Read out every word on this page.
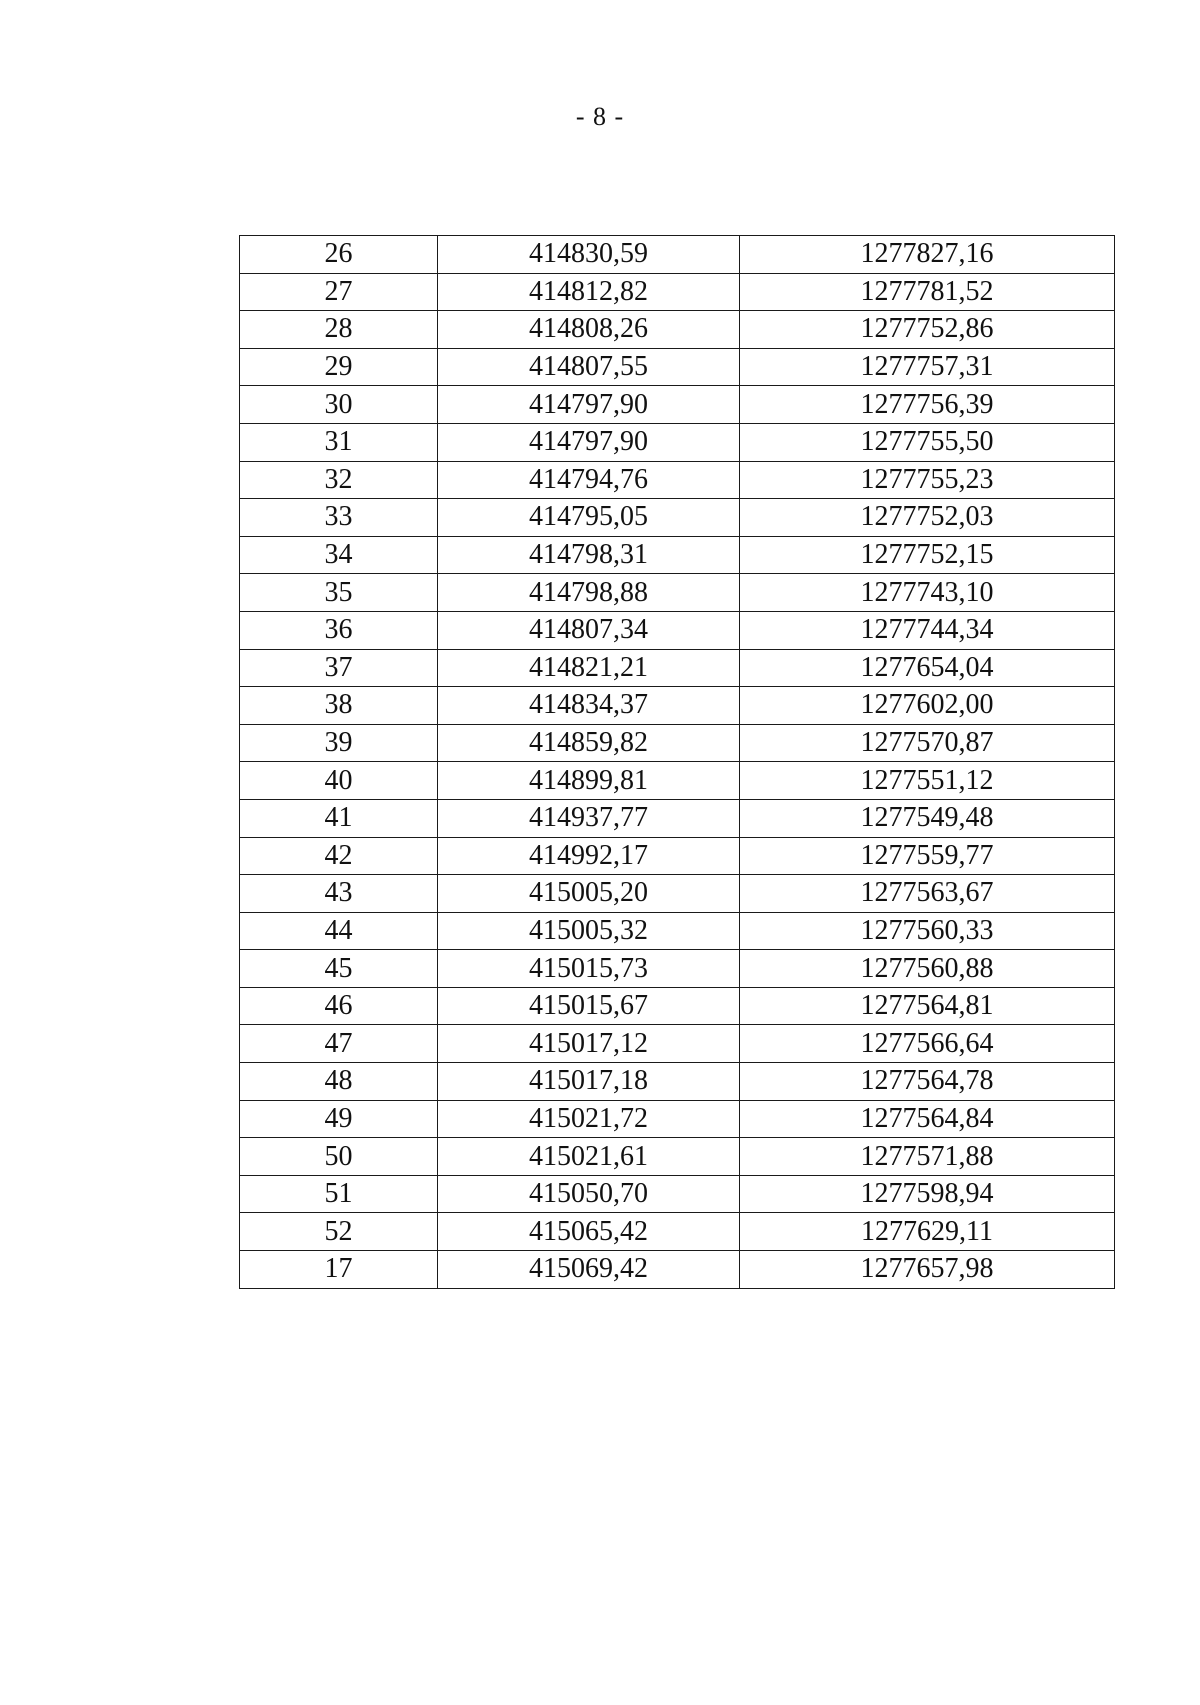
- 8 -
26	414830,59	1277827,16
27	414812,82	1277781,52
28	414808,26	1277752,86
29	414807,55	1277757,31
30	414797,90	1277756,39
31	414797,90	1277755,50
32	414794,76	1277755,23
33	414795,05	1277752,03
34	414798,31	1277752,15
35	414798,88	1277743,10
36	414807,34	1277744,34
37	414821,21	1277654,04
38	414834,37	1277602,00
39	414859,82	1277570,87
40	414899,81	1277551,12
41	414937,77	1277549,48
42	414992,17	1277559,77
43	415005,20	1277563,67
44	415005,32	1277560,33
45	415015,73	1277560,88
46	415015,67	1277564,81
47	415017,12	1277566,64
48	415017,18	1277564,78
49	415021,72	1277564,84
50	415021,61	1277571,88
51	415050,70	1277598,94
52	415065,42	1277629,11
17	415069,42	1277657,98
